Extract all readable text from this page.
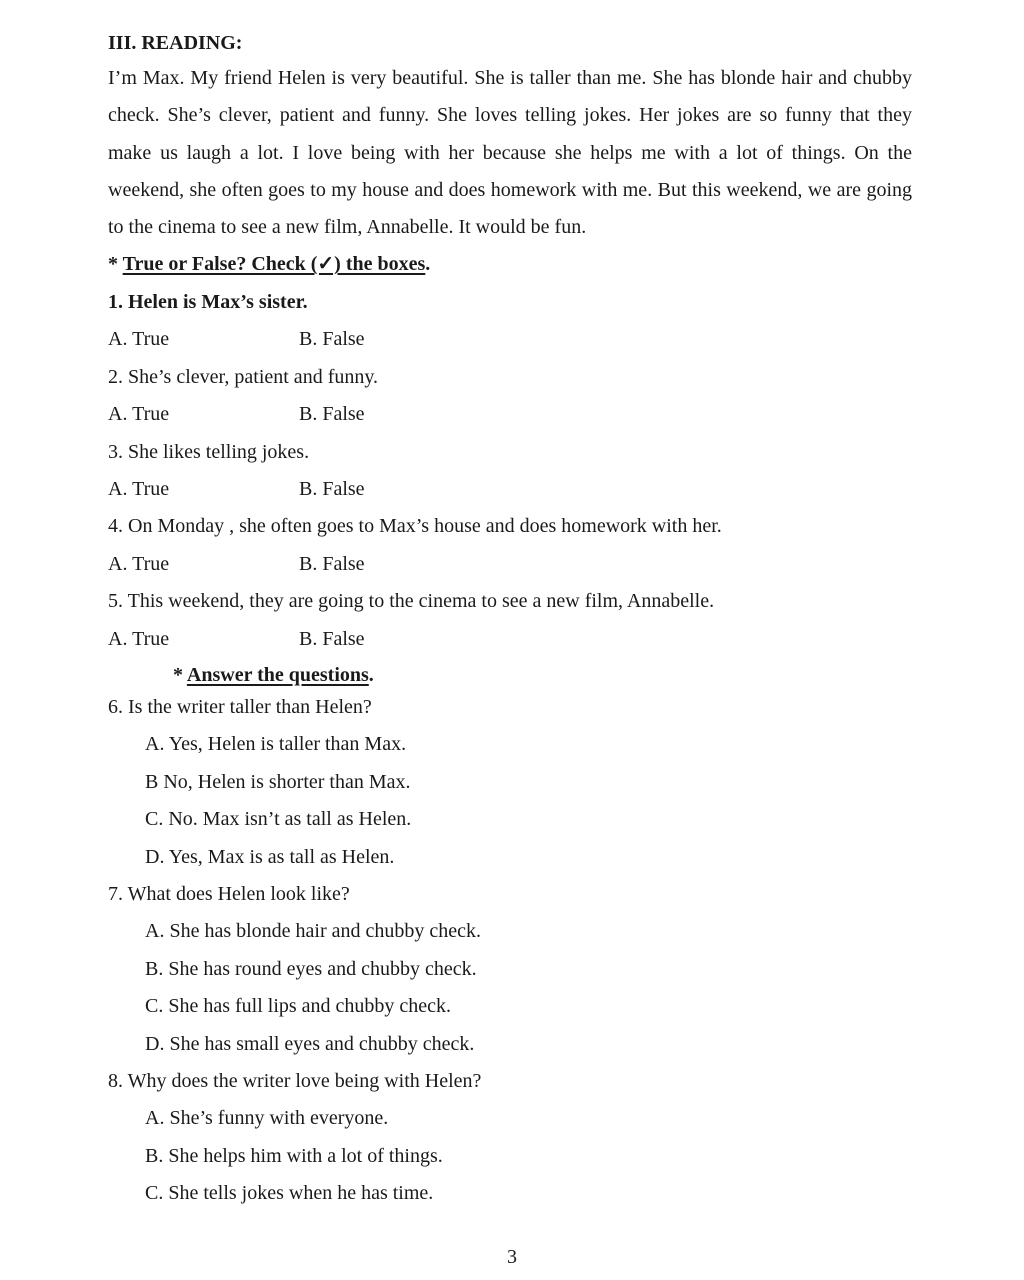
III. READING:

I’m Max. My friend Helen is very beautiful. She is taller than me. She has blonde hair and chubby check. She’s clever, patient and funny. She loves telling jokes. Her jokes are so funny that they make us laugh a lot. I love being with her because she helps me with a lot of things. On the weekend, she often goes to my house and does homework with me. But this weekend, we are going to the cinema to see a new film, Annabelle. It would be fun.

* True or False? Check (✓) the boxes.
1. Helen is Max’s sister.
A. True	B. False
2. She’s clever, patient and funny.
A. True	B. False
3. She likes telling jokes.
A. True	B. False
4. On Monday , she often goes to Max’s house and does homework with her.
A. True	B. False
5. This weekend, they are going to the cinema to see a new film, Annabelle.
A. True	B. False
* Answer the questions.
6. Is the writer taller than Helen?
A. Yes, Helen is taller than Max.
B No, Helen is shorter than Max.
C. No. Max isn’t as tall as Helen.
D. Yes, Max is as tall as Helen.
7. What does Helen look like?
A. She has blonde hair and chubby check.
B. She has round eyes and chubby check.
C. She has full lips and chubby check.
D. She has small eyes and chubby check.
8. Why does the writer love being with Helen?
A. She’s funny with everyone.
B. She helps him with a lot of things.
C. She tells jokes when he has time.
3
